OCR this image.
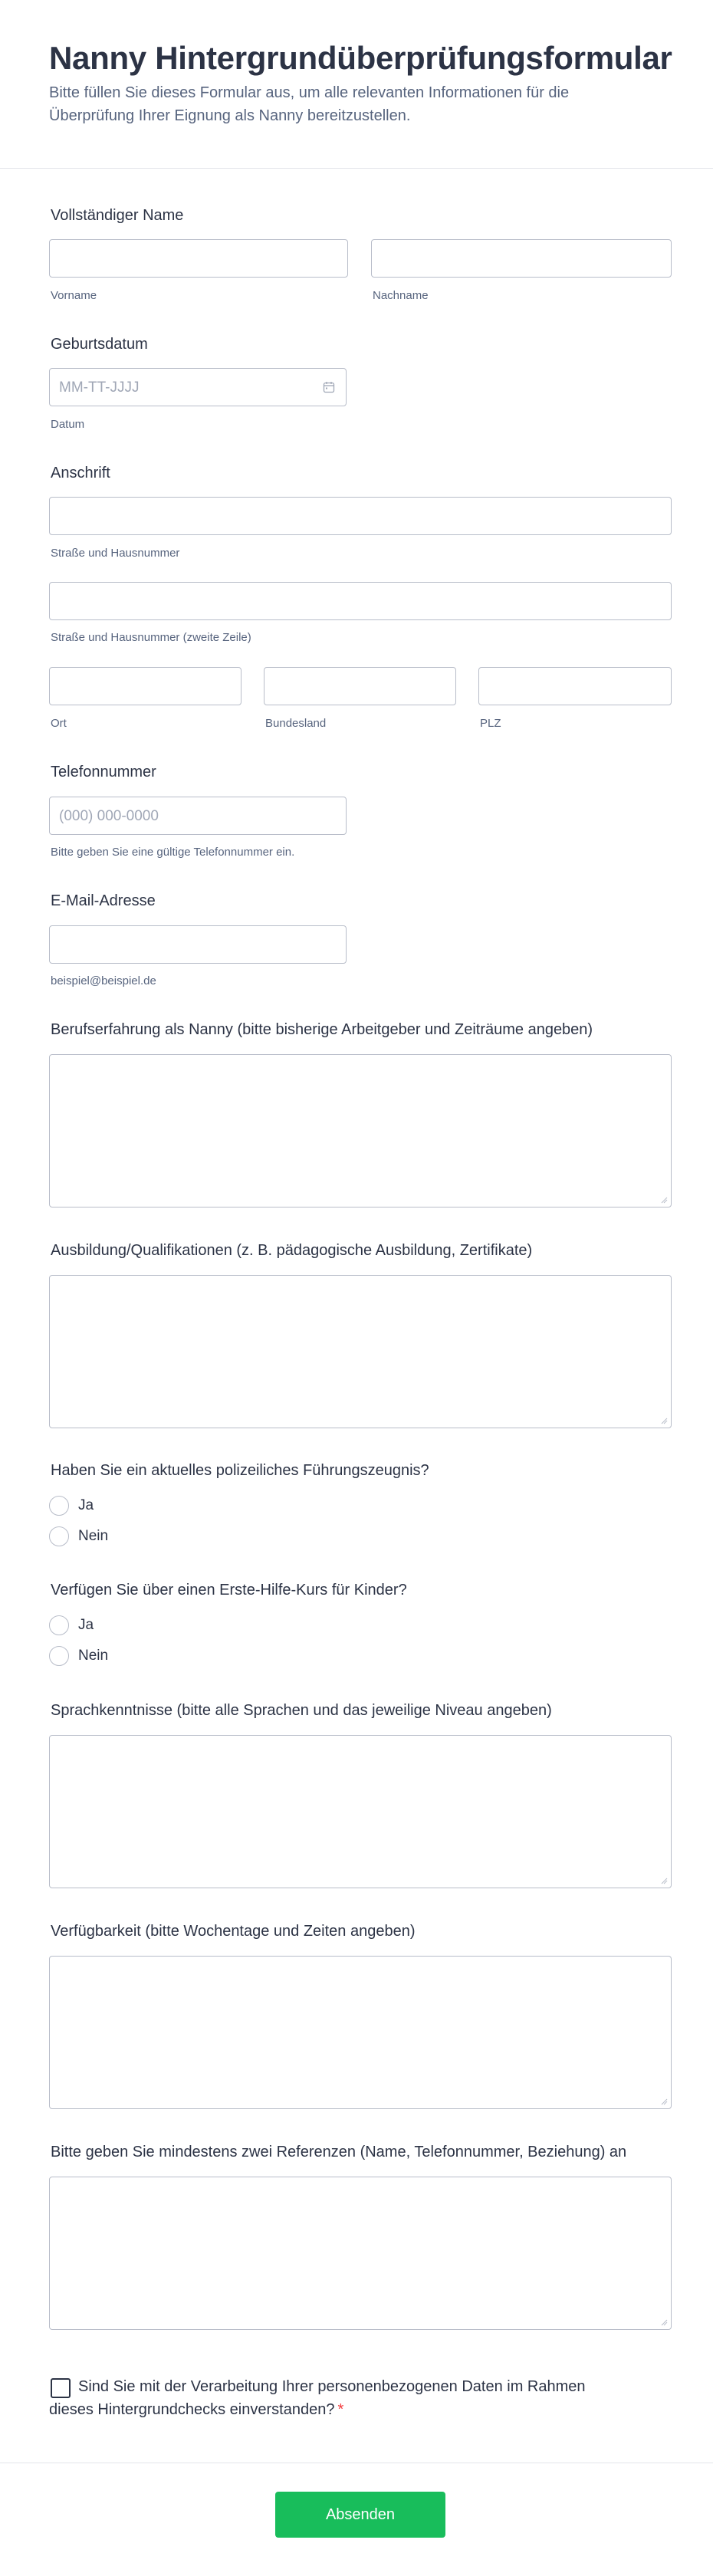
Nanny Hintergrundüberprüfungsformular

Bitte füllen Sie dieses Formular aus, um alle relevanten Informationen für die Überprüfung Ihrer Eignung als Nanny bereitzustellen.

Vollständiger Name
Vorname	Nachname
Geburtsdatum
MM-TT-JJJJ
Datum
Anschrift
Straße und Hausnummer
Straße und Hausnummer (zweite Zeile)
Ort	Bundesland	PLZ
Telefonnummer
(000) 000-0000
Bitte geben Sie eine gültige Telefonnummer ein.
E-Mail-Adresse
beispiel@beispiel.de
Berufserfahrung als Nanny (bitte bisherige Arbeitgeber und Zeiträume angeben)
Ausbildung/Qualifikationen (z. B. pädagogische Ausbildung, Zertifikate)
Haben Sie ein aktuelles polizeiliches Führungszeugnis?
Ja
Nein
Verfügen Sie über einen Erste-Hilfe-Kurs für Kinder?
Ja
Nein
Sprachkenntnisse (bitte alle Sprachen und das jeweilige Niveau angeben)
Verfügbarkeit (bitte Wochentage und Zeiten angeben)
Bitte geben Sie mindestens zwei Referenzen (Name, Telefonnummer, Beziehung) an
Sind Sie mit der Verarbeitung Ihrer personenbezogenen Daten im Rahmen dieses Hintergrundchecks einverstanden? *
Absenden
